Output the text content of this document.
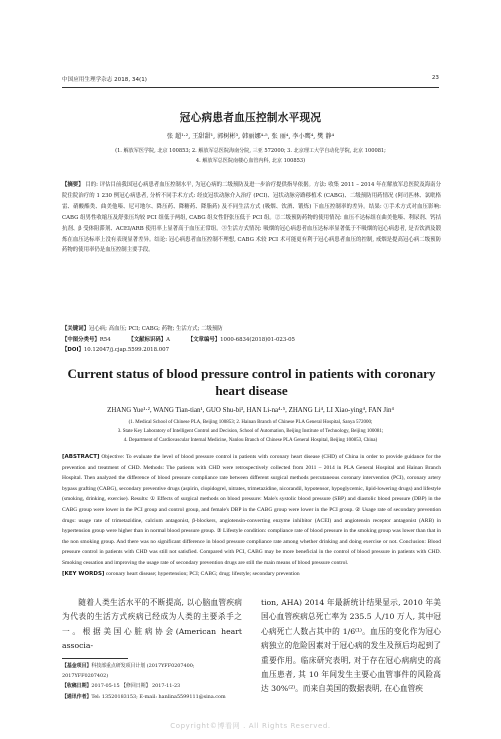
中国应用生理学杂志 2018, 34(1)	23
冠心病患者血压控制水平现况
张 超¹·², 王甜甜¹, 郭树彬³, 韩丽娜⁴·⁵, 张 丽⁴, 李小鹰⁴, 樊 静⁴
(1. 解放军医学院, 北京 100853; 2. 解放军总医院海南分院, 三亚 572000; 3. 北京理工大学自动化学院, 北京 100081;
4. 解放军总医院南楼心血管内科, 北京 100853)
【摘要】 目的: 评估目前我国冠心病患者血压控制水平, 为冠心病的二级预防及进一步治疗提供指导依据。方法: 收集 2011 – 2014 年在解放军总医院及海南分院住院治疗的 1 230 例冠心病患者, 分析不同手术方式: 经皮冠状动脉介入治疗 (PCI)、冠状动脉旁路移植术 (CABG)、二级预防用药情况 (阿司匹林、氯吡格雷、硝酸酯类、曲美他嗪、尼可地尔、降压药、降糖药、降脂药) 及不同生活方式 (吸烟、饮酒、锻炼) 下血压控制率的差异。结果: ①手术方式对血压影响: CABG 组男性收缩压及舒张压均较 PCI 组低于两组, CABG 组女性舒张压低于 PCI 组。②二级预防药物的使用情况: 血压不达标组在曲美他嗪、利尿剂、钙拮抗剂、β 受体阻滞剂、ACEI/ARB 使用率上显著高于血压正常组。③生活方式情况: 吸烟的冠心病患者血压达标率显著低于不吸烟的冠心病患者, 是否饮酒及锻炼在血压达标率上没有表现显著差异。结论: 冠心病患者血压控制不理想, CABG 术较 PCI 术可能更有利于冠心病患者血压的控制, 戒烟是提高冠心病二级预防药物的使用率仍是血压控制主要手段。
【关键词】冠心病; 高血压; PCI; CABG; 药物; 生活方式; 二级预防
【中图分类号】R54	【文献标识码】A	【文章编号】1000-6834(2018)01-023-05
【DOI】10.12047/j.cjap.5599.2018.007
Current status of blood pressure control in patients with coronary heart disease
ZHANG Yue¹·², WANG Tian-tian¹, GUO Shu-bi³, HAN Li-na⁴·⁵, ZHANG Li⁴, LI Xiao-ying⁴, FAN Jin⁴
(1. Medical School of Chinese PLA, Beijing 100853; 2. Hainan Branch of Chinese PLA General Hospital, Sanya 572000;
3. State Key Laboratory of Intelligent Control and Decision, School of Automation, Beijing Institute of Technology, Beijing 100081;
4. Department of Cardiovascular Internal Medicine, Nanlou Branch of Chinese PLA General Hospital, Beijing 100853, China)
[ABSTRACT] Objective: To evaluate the level of blood pressure control in patients with coronary heart disease (CHD) of China in order to provide guidance for the prevention and treatment of CHD. Methods: The patients with CHD were retrospectively collected from 2011 – 2014 in PLA General Hospital and Hainan Branch Hospital. Then analyzed the difference of blood pressure compliance rate between different surgical methods percutaneous coronary intervention (PCI), coronary artery bypass grafting (CABG), secondary preventive drugs (aspirin, clopidogrel, nitrates, trimetazidine, nicorandil, hypotensor, hypoglycemic, lipid-lowering drugs) and lifestyle (smoking, drinking, exercise). Results: ① Effects of surgical methods on blood pressure: Male's systolic blood pressure (SBP) and diastolic blood pressure (DBP) in the CABG group were lower in the PCI group and control group, and female's DBP in the CABG group were lower in the PCI group. ② Usage rate of secondary prevention drugs: usage rate of trimetazidine, calcium antagonist, β-blockers, angiotensin-converting enzyme inhibitor (ACEI) and angiotensin receptor antagonist (ARB) in hypertension group were higher than in normal blood pressure group. ③ Lifestyle condition: compliance rate of blood pressure in the smoking group was lower than that in the non smoking group. And there was no significant difference in blood pressure compliance rate among whether drinking and doing exercise or not. Conclusion: Blood pressure control in patients with CHD was still not satisfied. Compared with PCI, CABG may be more beneficial in the control of blood pressure in patients with CHD. Smoking cessation and improving the usage rate of secondary prevention drugs are still the main means of blood pressure control.
[KEY WORDS] coronary heart disease; hypertension; PCI; CABG; drug; lifestyle; secondary prevention
随着人类生活水平的不断提高, 以心脑血管疾病为代表的生活方式疾病已经成为人类的主要杀手之一。根据美国心脏病协会(American heart associa-
【基金项目】科技部重点研发项目计划 (2017YFF0207400; 2017YFF0207402)
【收稿日期】2017-05-15 【修回日期】 2017-11-23
【通讯作者】Tel: 13520183153; E-mail: hanlina5599111@sina.com
tion, AHA) 2014 年最新统计结果显示, 2010 年美国心血管疾病总死亡率为 235.5 人/10 万人, 其中冠心病死亡人数占其中的 1/6⁽¹⁾。血压的变化作为冠心病独立的危险因素对于冠心病的发生及预后均起到了重要作用。临床研究表明, 对于存在冠心病病史的高血压患者, 其 10 年间发生主要心血管事件的风险高达 30%⁽²⁾。而来自美国的数据表明, 在心血管疾
Copyright©博看网 . All Rights Reserved.
